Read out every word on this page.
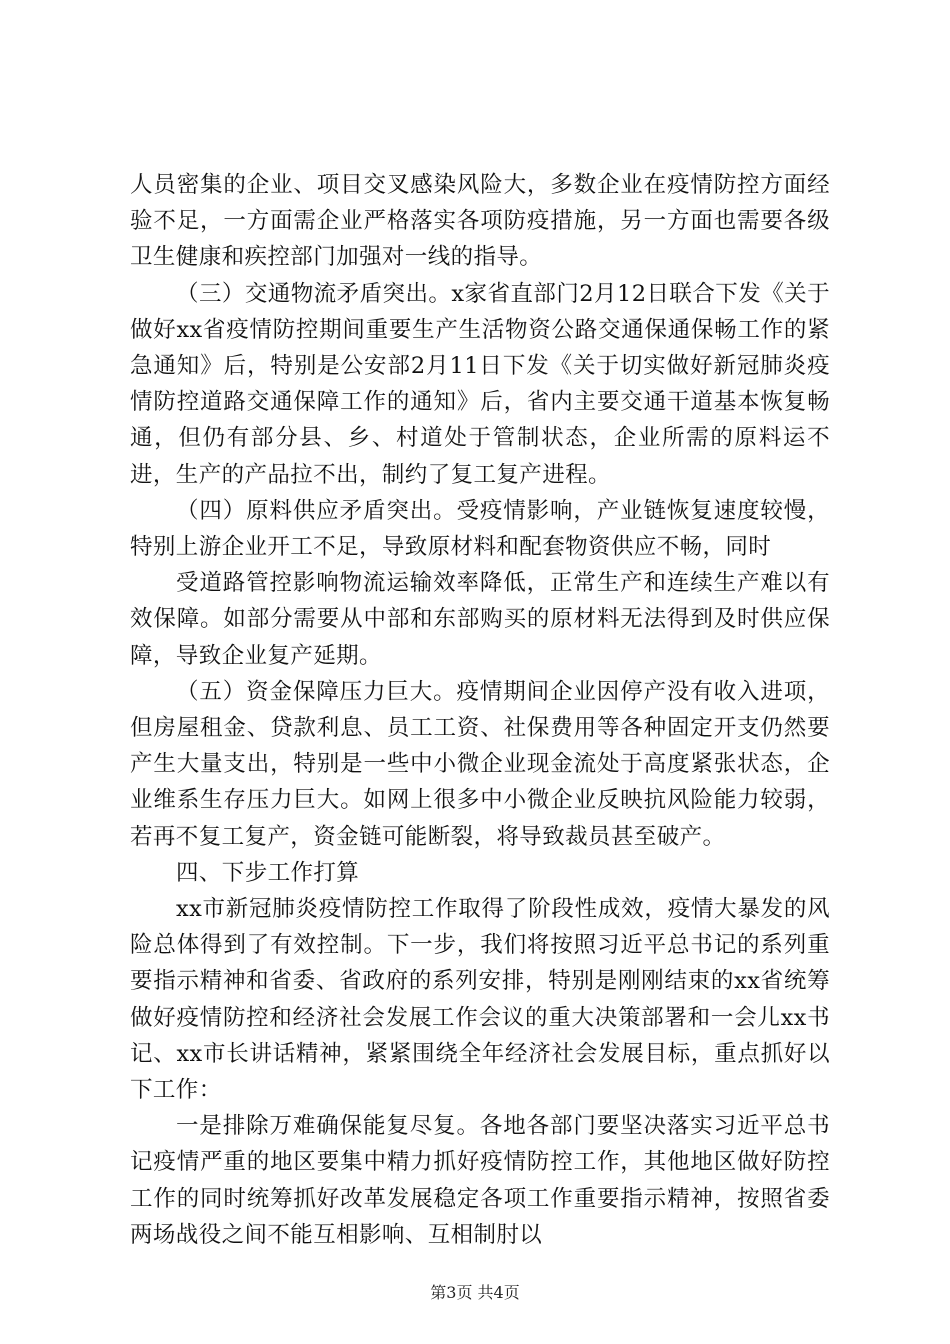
人员密集的企业、项目交叉感染风险大，多数企业在疫情防控方面经验不足，一方面需企业严格落实各项防疫措施，另一方面也需要各级卫生健康和疾控部门加强对一线的指导。

（三）交通物流矛盾突出。x家省直部门2月12日联合下发《关于做好xx省疫情防控期间重要生产生活物资公路交通保通保畅工作的紧急通知》后，特别是公安部2月11日下发《关于切实做好新冠肺炎疫情防控道路交通保障工作的通知》后，省内主要交通干道基本恢复畅通，但仍有部分县、乡、村道处于管制状态，企业所需的原料运不进，生产的产品拉不出，制约了复工复产进程。

（四）原料供应矛盾突出。受疫情影响，产业链恢复速度较慢，特别上游企业开工不足，导致原材料和配套物资供应不畅，同时

受道路管控影响物流运输效率降低，正常生产和连续生产难以有效保障。如部分需要从中部和东部购买的原材料无法得到及时供应保障，导致企业复产延期。

（五）资金保障压力巨大。疫情期间企业因停产没有收入进项，但房屋租金、贷款利息、员工工资、社保费用等各种固定开支仍然要产生大量支出，特别是一些中小微企业现金流处于高度紧张状态，企业维系生存压力巨大。如网上很多中小微企业反映抗风险能力较弱，若再不复工复产，资金链可能断裂，将导致裁员甚至破产。

四、下步工作打算

xx市新冠肺炎疫情防控工作取得了阶段性成效，疫情大暴发的风险总体得到了有效控制。下一步，我们将按照习近平总书记的系列重要指示精神和省委、省政府的系列安排，特别是刚刚结束的xx省统筹做好疫情防控和经济社会发展工作会议的重大决策部署和一会儿xx书记、xx市长讲话精神，紧紧围绕全年经济社会发展目标，重点抓好以下工作：

一是排除万难确保能复尽复。各地各部门要坚决落实习近平总书记疫情严重的地区要集中精力抓好疫情防控工作，其他地区做好防控工作的同时统筹抓好改革发展稳定各项工作重要指示精神，按照省委两场战役之间不能互相影响、互相制肘以

第3页 共4页
